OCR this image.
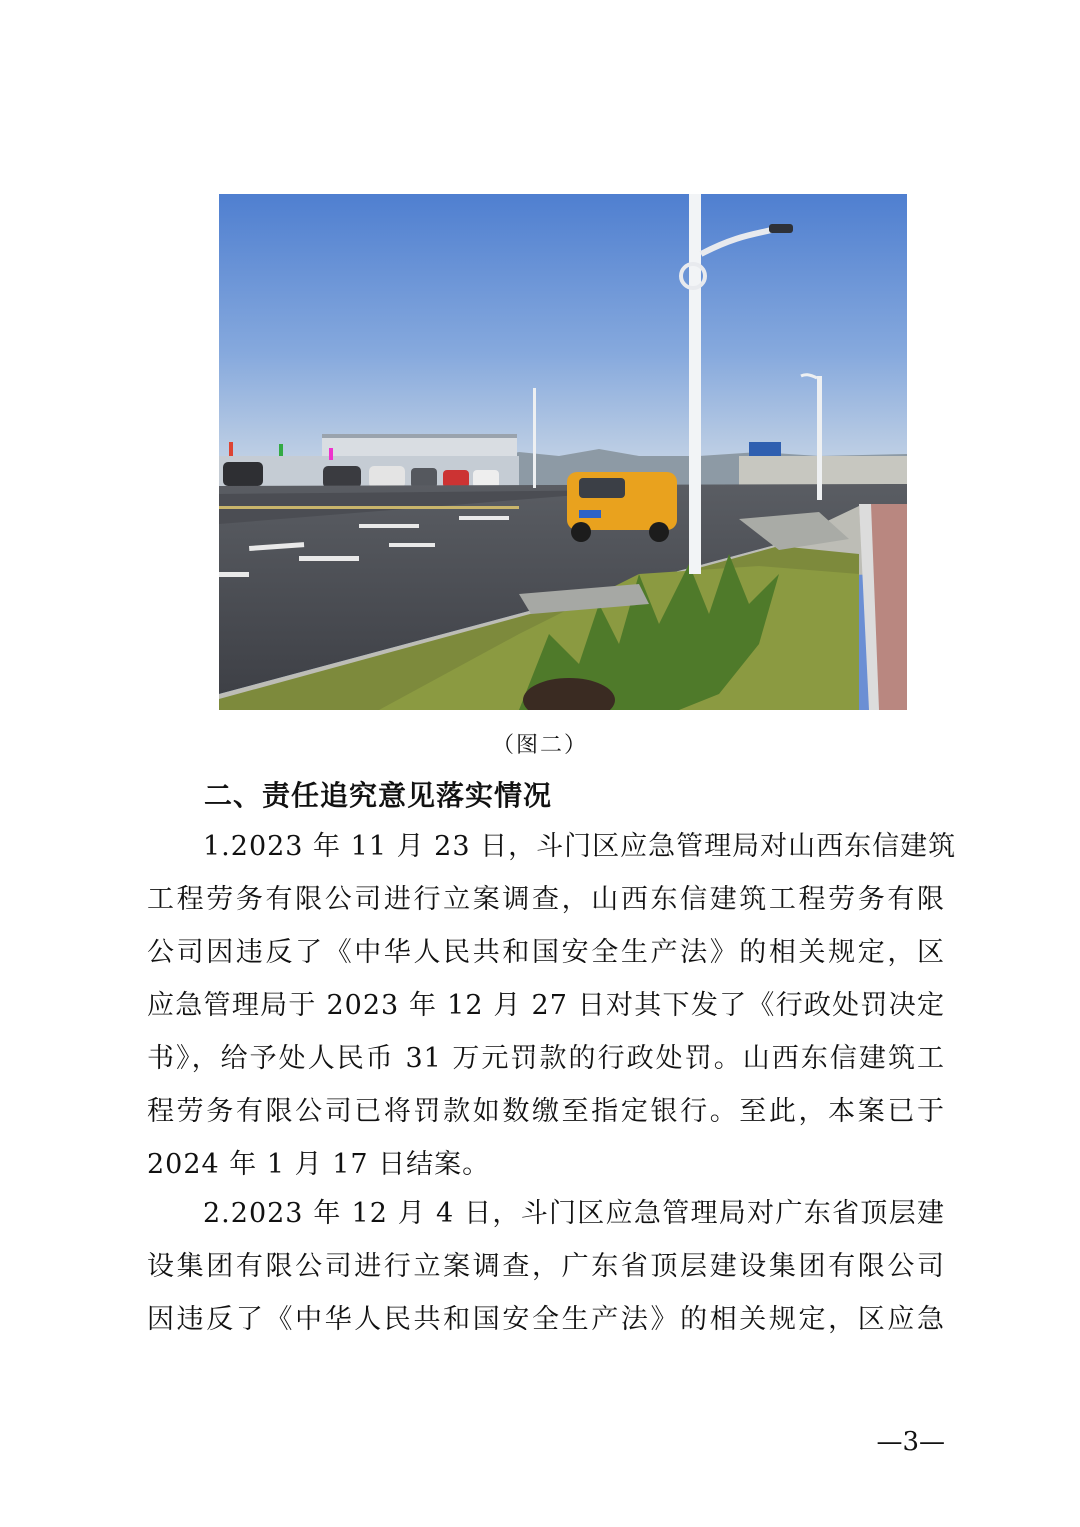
（图二）
二、责任追究意见落实情况
1.2023 年 11 月 23 日，斗门区应急管理局对山西东信建筑
工程劳务有限公司进行立案调查，山西东信建筑工程劳务有限
公司因违反了《中华人民共和国安全生产法》的相关规定，区
应急管理局于 2023 年 12 月 27 日对其下发了《行政处罚决定
书》，给予处人民币 31 万元罚款的行政处罚。山西东信建筑工
程劳务有限公司已将罚款如数缴至指定银行。至此，本案已于
2024 年 1 月 17 日结案。
2.2023 年 12 月 4 日，斗门区应急管理局对广东省顶层建
设集团有限公司进行立案调查，广东省顶层建设集团有限公司
因违反了《中华人民共和国安全生产法》的相关规定，区应急
—3—
